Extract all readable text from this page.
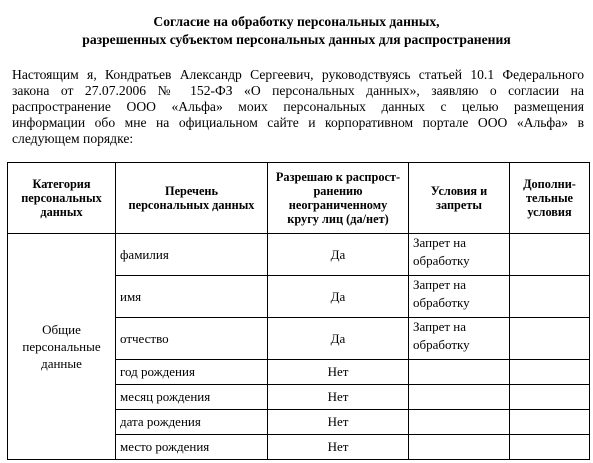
Согласие на обработку персональных данных,
разрешенных субъектом персональных данных для распространения
Настоящим я, Кондратьев Александр Сергеевич, руководствуясь статьей 10.1 Федерального
закона от 27.07.2006 № 152-ФЗ «О персональных данных», заявляю о согласии на
распространение ООО «Альфа» моих персональных данных с целью размещения
информации обо мне на официальном сайте и корпоративном портале ООО «Альфа» в
следующем порядке:
Категория
персональных
данных	Перечень
персональных данных	Разрешаю к распрост-
ранению
неограниченному
кругу лиц (да/нет)	Условия и
запреты	Дополни-
тельные
условия

Общие
персональные
данные	фамилия	Да	Запрет на
обработку	

	имя	Да	Запрет на
обработку	

	отчество	Да	Запрет на
обработку	

	год рождения	Нет		
	месяц рождения	Нет		
	дата рождения	Нет		
	место рождения	Нет		
